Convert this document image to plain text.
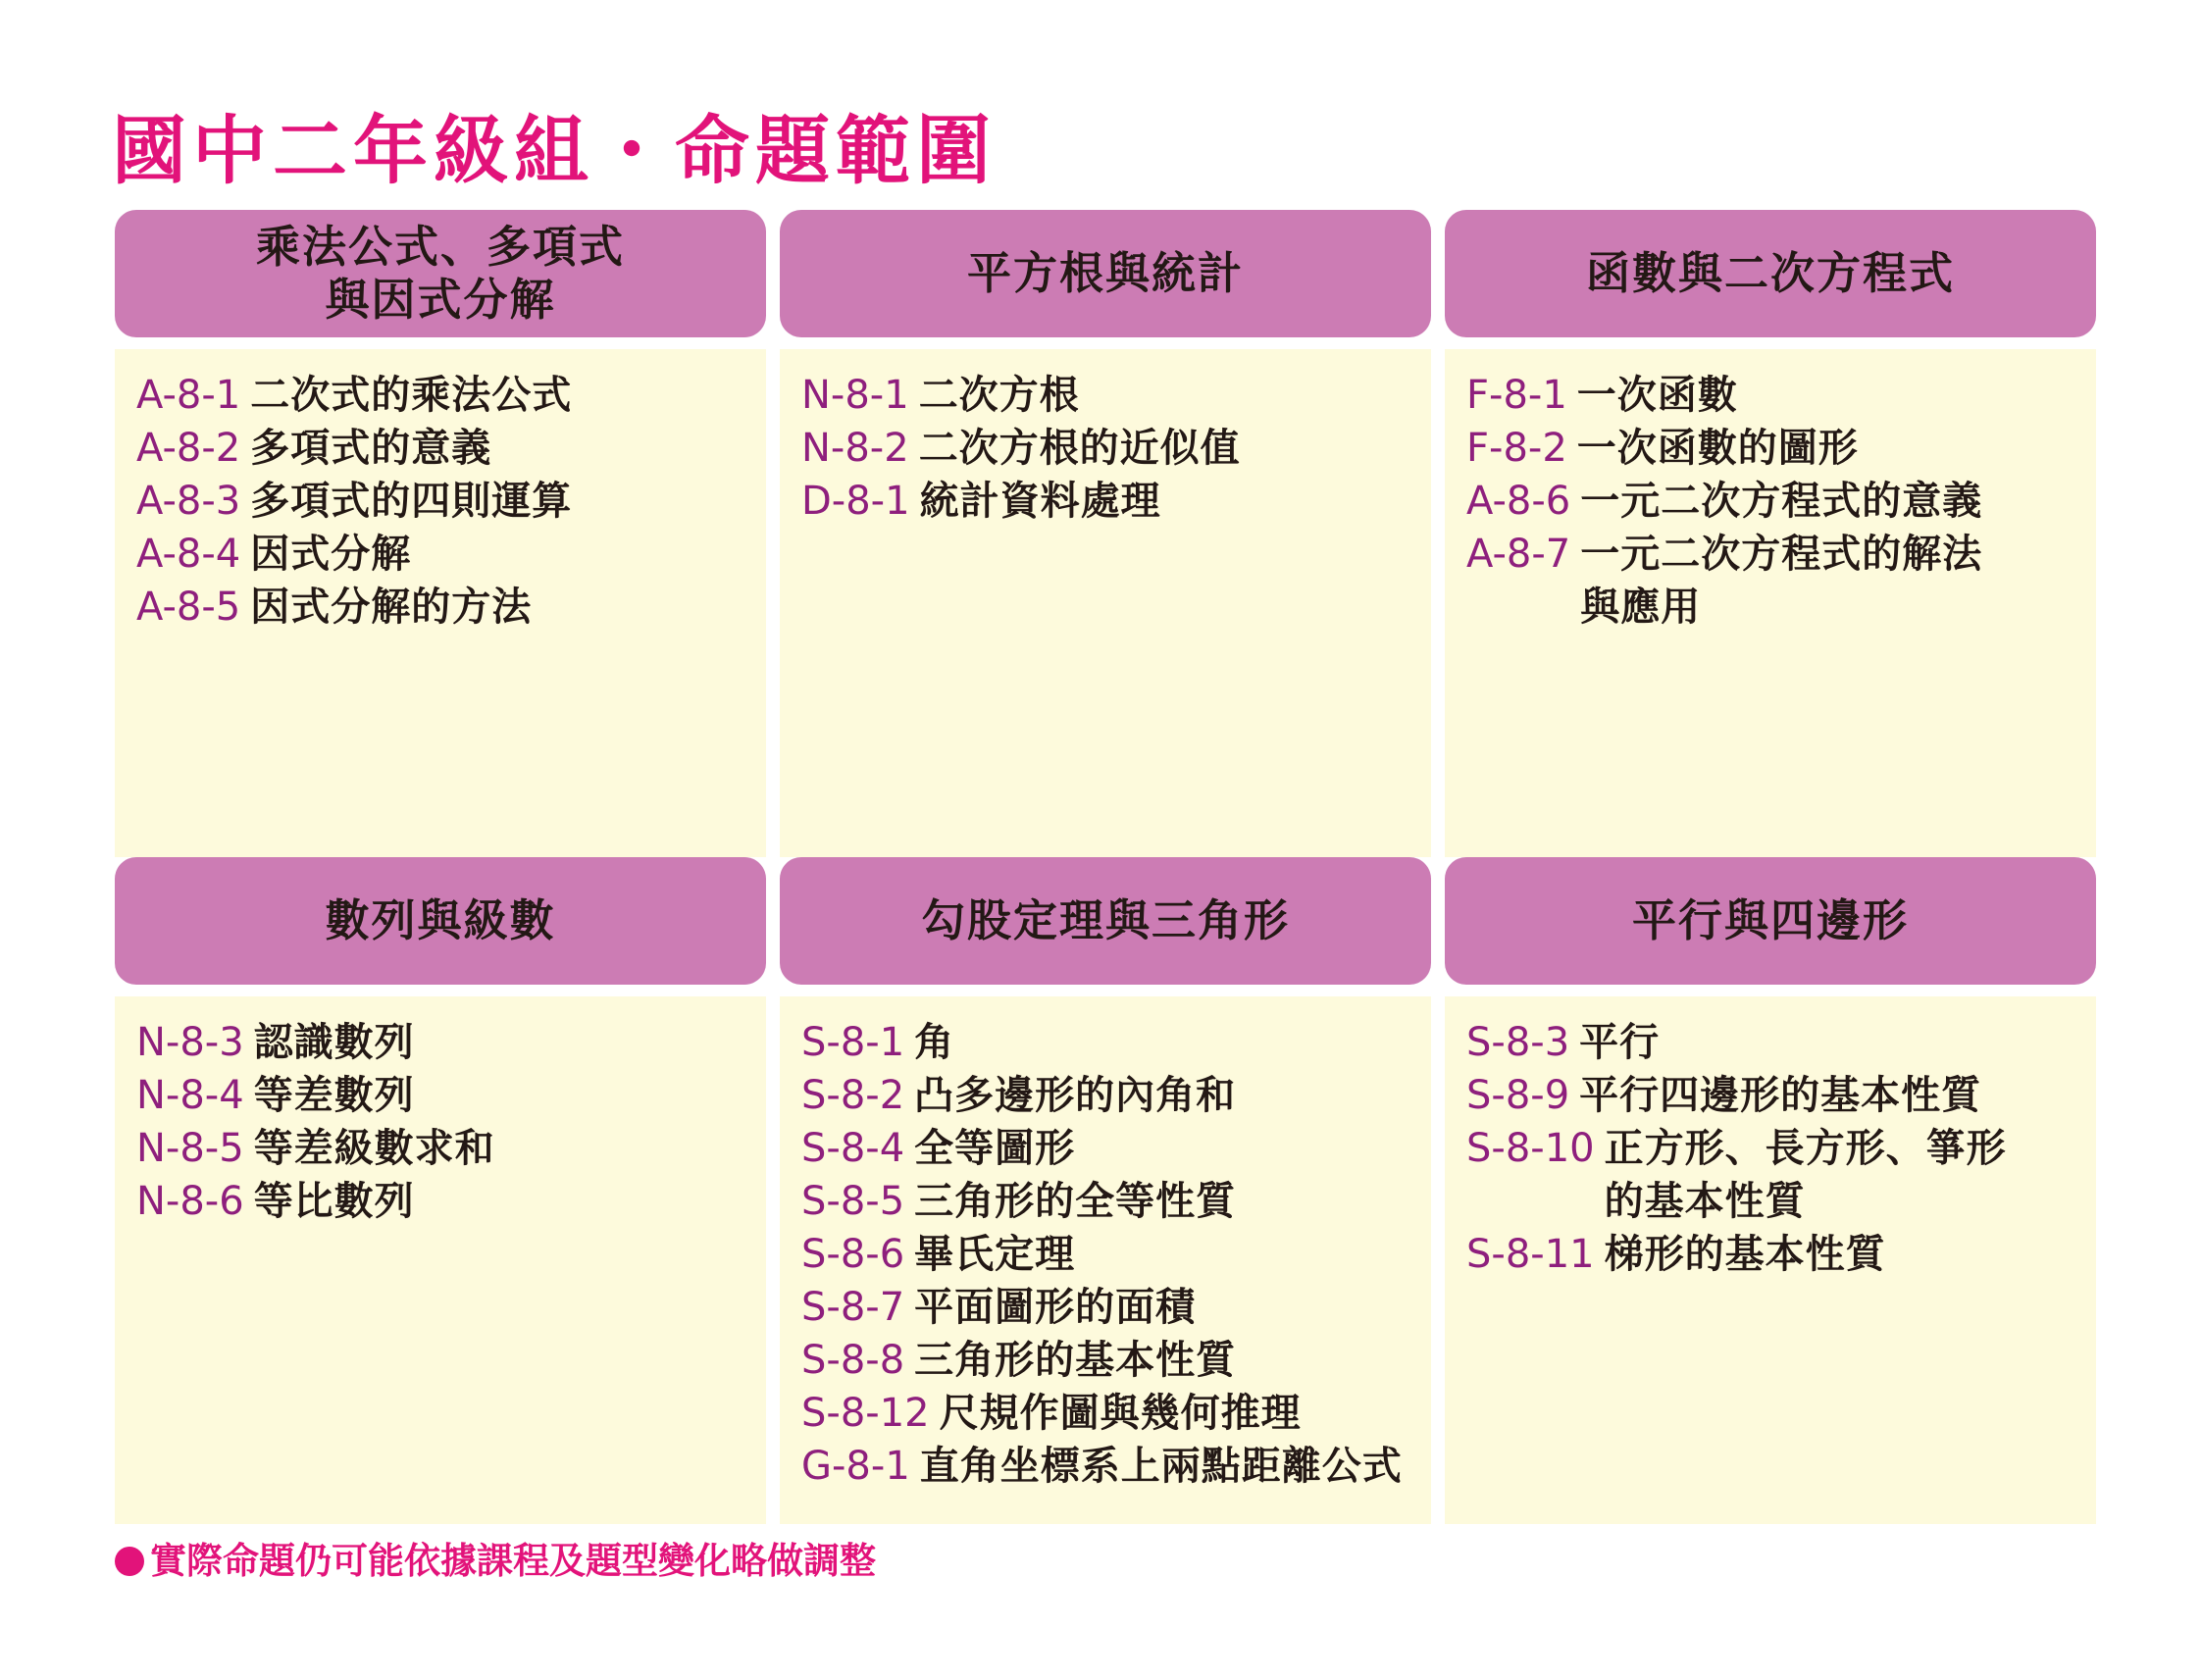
國中二年級組・命題範圍
乘法公式、多項式
與因式分解
A-8-1 二次式的乘法公式
A-8-2 多項式的意義
A-8-3 多項式的四則運算
A-8-4 因式分解
A-8-5 因式分解的方法
平方根與統計
N-8-1 二次方根
N-8-2 二次方根的近似值
D-8-1 統計資料處理
函數與二次方程式
F-8-1 一次函數
F-8-2 一次函數的圖形
A-8-6 一元二次方程式的意義
A-8-7 一元二次方程式的解法
與應用
數列與級數
N-8-3 認識數列
N-8-4 等差數列
N-8-5 等差級數求和
N-8-6 等比數列
勾股定理與三角形
S-8-1 角
S-8-2 凸多邊形的內角和
S-8-4 全等圖形
S-8-5 三角形的全等性質
S-8-6 畢氏定理
S-8-7 平面圖形的面積
S-8-8 三角形的基本性質
S-8-12 尺規作圖與幾何推理
G-8-1 直角坐標系上兩點距離公式
平行與四邊形
S-8-3 平行
S-8-9 平行四邊形的基本性質
S-8-10 正方形、長方形、箏形
的基本性質
S-8-11 梯形的基本性質
實際命題仍可能依據課程及題型變化略做調整
